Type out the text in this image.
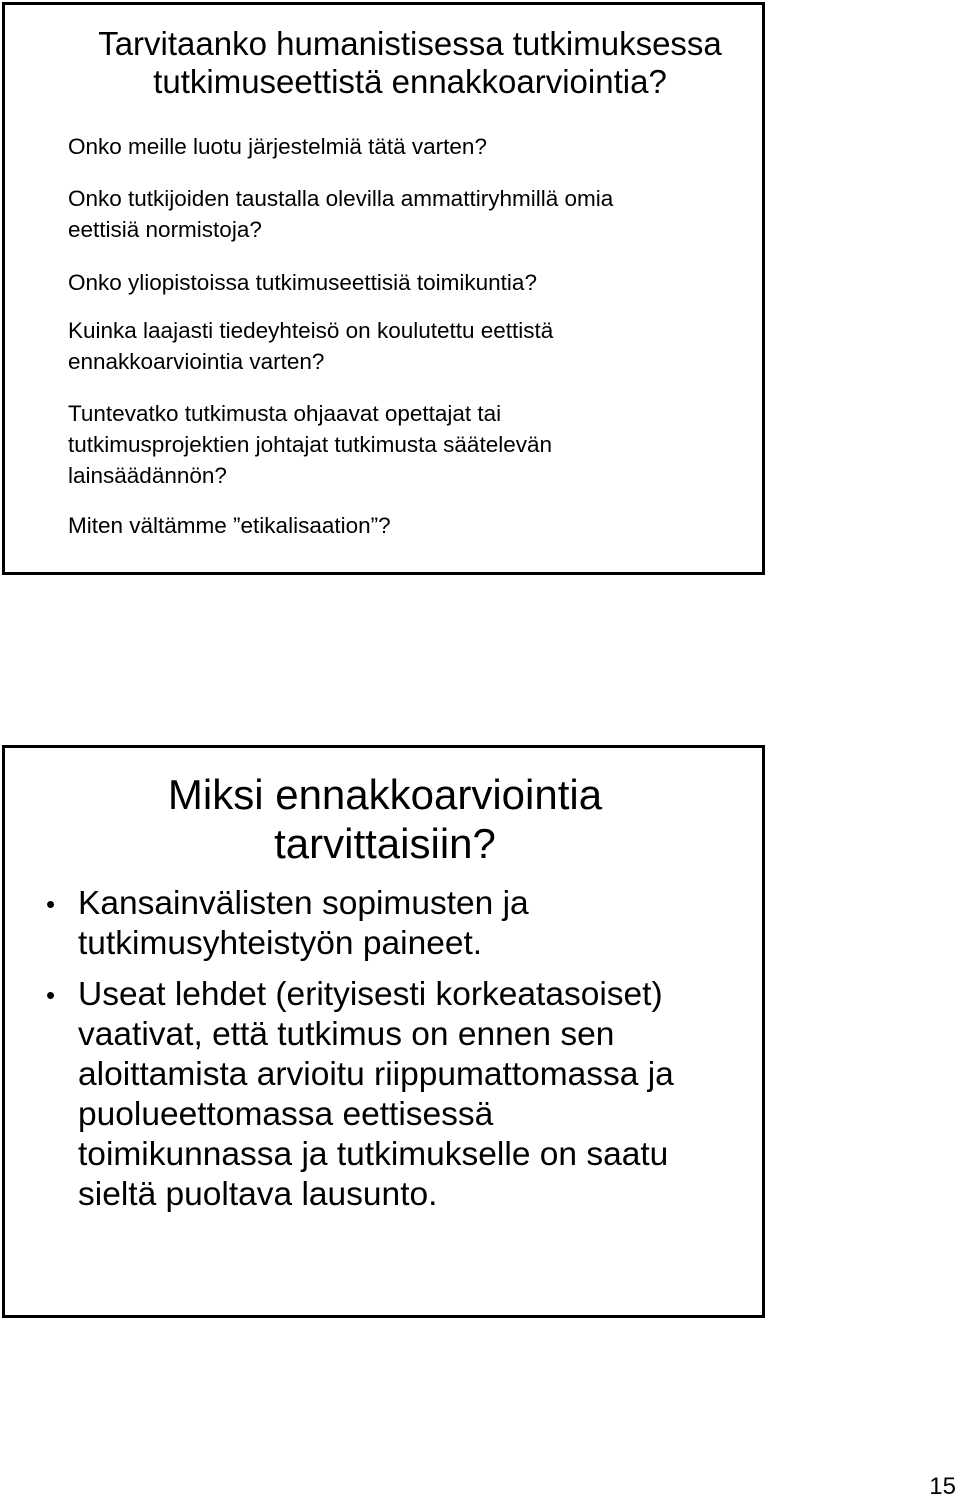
Tarvitaanko humanistisessa tutkimuksessa
tutkimuseettistä ennakkoarviointia?
Onko meille luotu järjestelmiä tätä varten?
Onko tutkijoiden taustalla olevilla ammattiryhmillä omia
eettisiä normistoja?
Onko yliopistoissa tutkimuseettisiä toimikuntia?
Kuinka laajasti tiedeyhteisö on koulutettu eettistä
ennakkoarviointia varten?
Tuntevatko tutkimusta ohjaavat opettajat tai
tutkimusprojektien johtajat tutkimusta säätelevän
lainsäädännön?
Miten vältämme ”etikalisaation”?
Miksi ennakkoarviointia
tarvittaisiin?
• Kansainvälisten sopimusten ja
tutkimusyhteistyön paineet.
• Useat lehdet (erityisesti korkeatasoiset)
vaativat, että tutkimus on ennen sen
aloittamista arvioitu riippumattomassa ja
puolueettomassa eettisessä
toimikunnassa ja tutkimukselle on saatu
sieltä puoltava lausunto.
15
